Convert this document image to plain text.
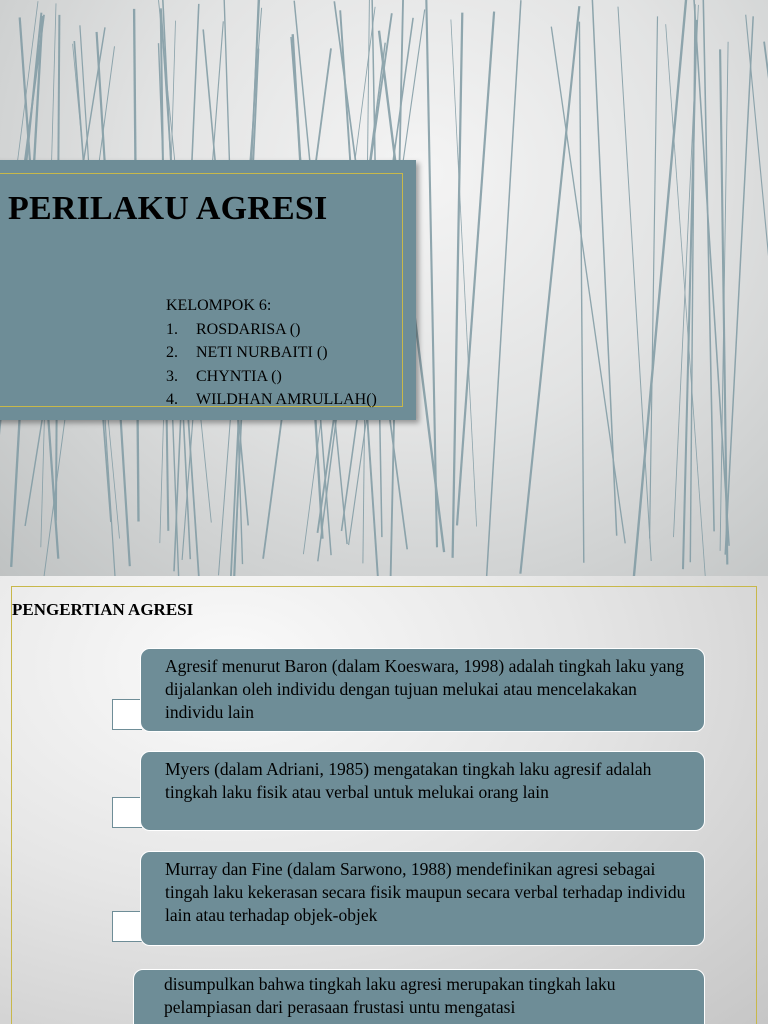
PERILAKU AGRESI
KELOMPOK 6:
1.	ROSDARISA ()
2.	NETI NURBAITI ()
3.	CHYNTIA ()
4.	WILDHAN AMRULLAH()
PENGERTIAN AGRESI
Agresif menurut Baron (dalam Koeswara, 1998) adalah tingkah laku yang dijalankan oleh individu dengan tujuan melukai atau mencelakakan individu lain
Myers (dalam Adriani, 1985) mengatakan tingkah laku agresif adalah tingkah laku fisik atau verbal untuk melukai orang lain
Murray dan Fine (dalam Sarwono, 1988) mendefinikan agresi sebagai tingah laku kekerasan secara fisik maupun secara verbal terhadap individu lain atau terhadap objek-objek
disumpulkan bahwa tingkah laku agresi merupakan tingkah laku pelampiasan dari perasaan frustasi untu mengatasi
